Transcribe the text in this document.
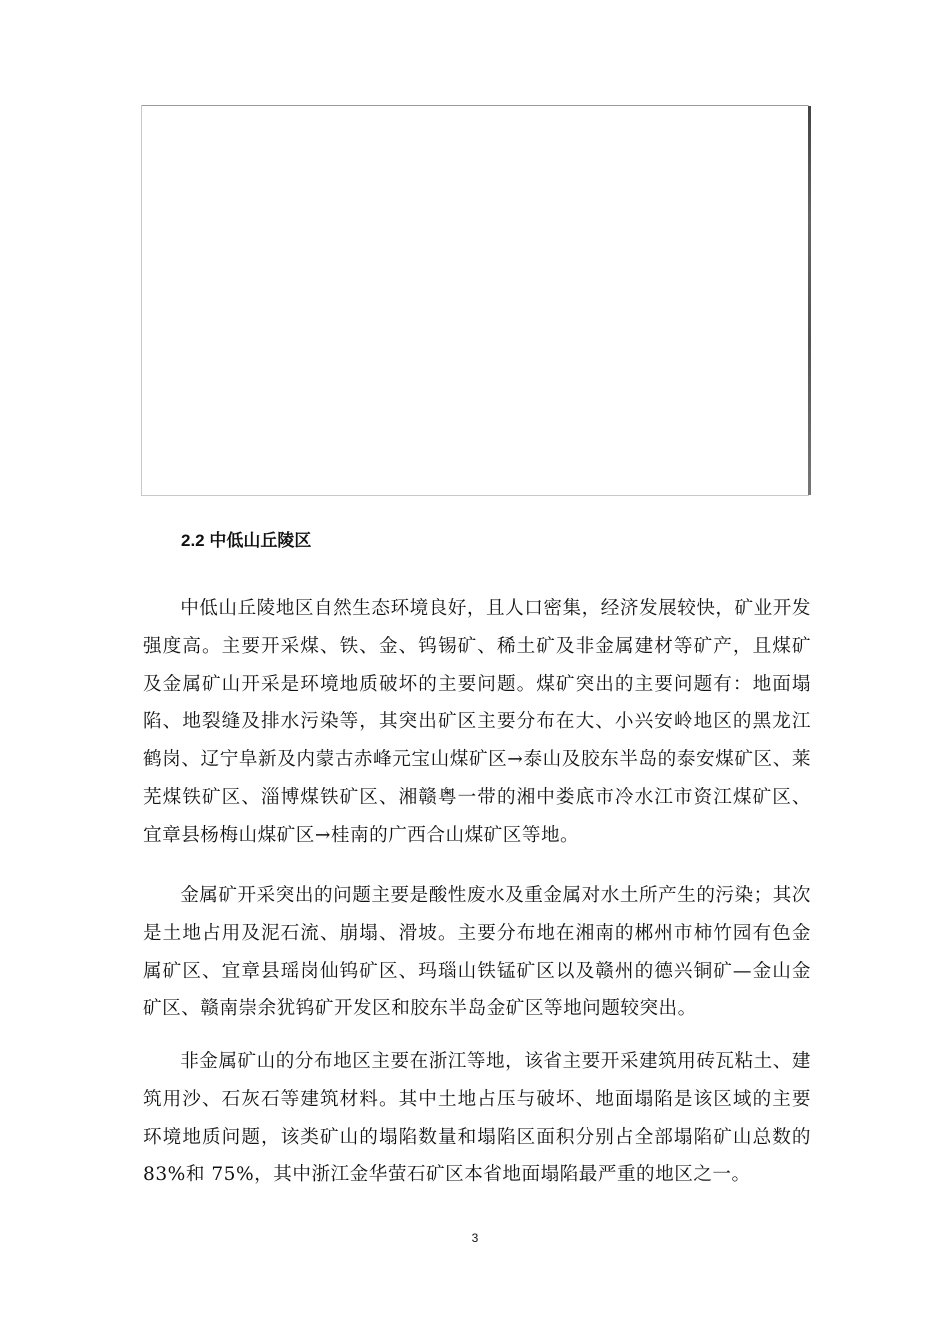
2.2 中低山丘陵区

中低山丘陵地区自然生态环境良好，且人口密集，经济发展较快，矿业开发强度高。主要开采煤、铁、金、钨锡矿、稀土矿及非金属建材等矿产，且煤矿及金属矿山开采是环境地质破坏的主要问题。煤矿突出的主要问题有：地面塌陷、地裂缝及排水污染等，其突出矿区主要分布在大、小兴安岭地区的黑龙江鹤岗、辽宁阜新及内蒙古赤峰元宝山煤矿区→泰山及胶东半岛的泰安煤矿区、莱芜煤铁矿区、淄博煤铁矿区、湘赣粤一带的湘中娄底市冷水江市资江煤矿区、宜章县杨梅山煤矿区→桂南的广西合山煤矿区等地。

金属矿开采突出的问题主要是酸性废水及重金属对水土所产生的污染；其次是土地占用及泥石流、崩塌、滑坡。主要分布地在湘南的郴州市柿竹园有色金属矿区、宜章县瑶岗仙钨矿区、玛瑙山铁锰矿区以及赣州的德兴铜矿—金山金矿区、赣南崇余犹钨矿开发区和胶东半岛金矿区等地问题较突出。

非金属矿山的分布地区主要在浙江等地，该省主要开采建筑用砖瓦粘土、建筑用沙、石灰石等建筑材料。其中土地占压与破坏、地面塌陷是该区域的主要环境地质问题，该类矿山的塌陷数量和塌陷区面积分别占全部塌陷矿山总数的 83%和 75%，其中浙江金华萤石矿区本省地面塌陷最严重的地区之一。

3
